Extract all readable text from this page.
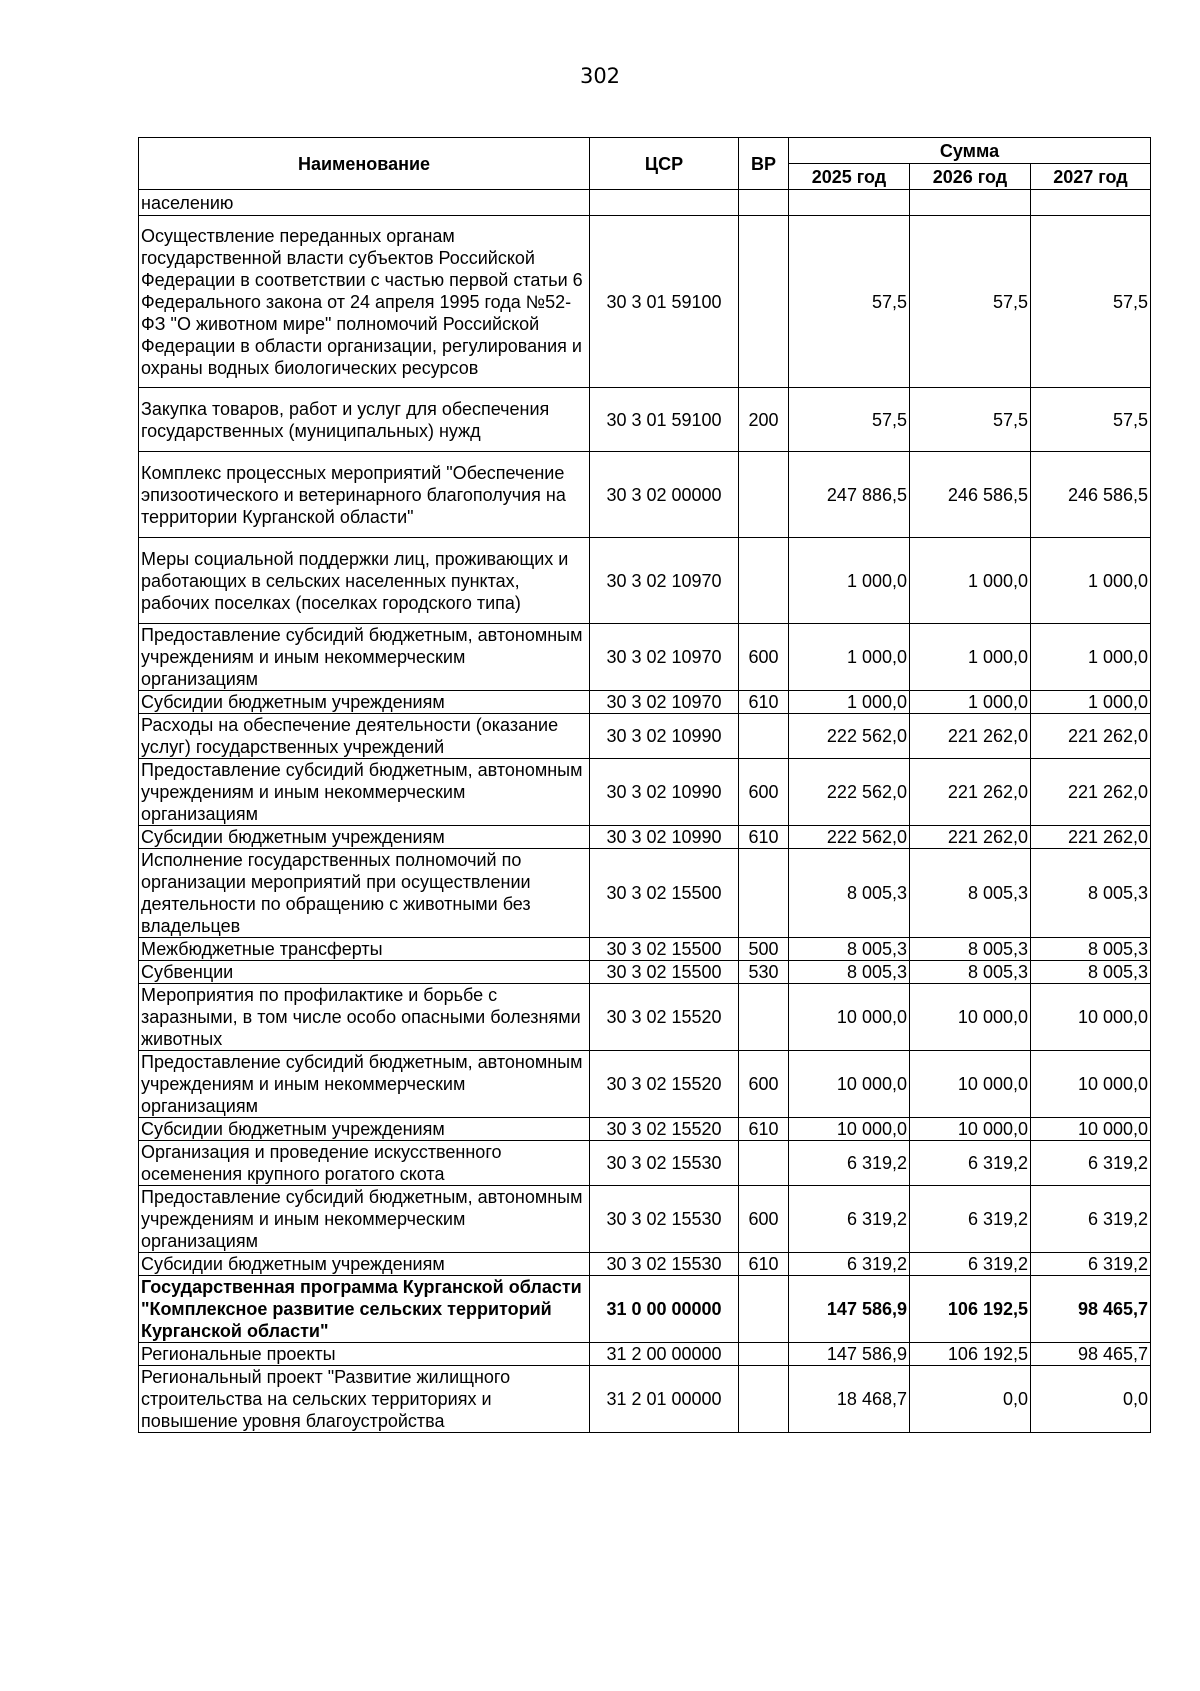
302
Наименование	ЦСР	ВР	Сумма		
			2025 год	2026 год	2027 год
населению					
Осуществление переданных органам государственной власти субъектов Российской Федерации в соответствии с частью первой статьи 6 Федерального закона от 24 апреля 1995 года №52-ФЗ "О животном мире" полномочий Российской Федерации в области организации, регулирования и охраны водных биологических ресурсов	30 3 01 59100		57,5	57,5	57,5
Закупка товаров, работ и услуг для обеспечения государственных (муниципальных) нужд	30 3 01 59100	200	57,5	57,5	57,5
Комплекс процессных мероприятий "Обеспечение эпизоотического и ветеринарного благополучия на территории Курганской области"	30 3 02 00000		247 886,5	246 586,5	246 586,5
Меры социальной поддержки лиц, проживающих и работающих в сельских населенных пунктах, рабочих поселках (поселках городского типа)	30 3 02 10970		1 000,0	1 000,0	1 000,0
Предоставление субсидий бюджетным, автономным учреждениям и иным некоммерческим организациям	30 3 02 10970	600	1 000,0	1 000,0	1 000,0
Субсидии бюджетным учреждениям	30 3 02 10970	610	1 000,0	1 000,0	1 000,0
Расходы на обеспечение деятельности (оказание услуг) государственных учреждений	30 3 02 10990		222 562,0	221 262,0	221 262,0
Предоставление субсидий бюджетным, автономным учреждениям и иным некоммерческим организациям	30 3 02 10990	600	222 562,0	221 262,0	221 262,0
Субсидии бюджетным учреждениям	30 3 02 10990	610	222 562,0	221 262,0	221 262,0
Исполнение государственных полномочий по организации мероприятий при осуществлении деятельности по обращению с животными без владельцев	30 3 02 15500		8 005,3	8 005,3	8 005,3
Межбюджетные трансферты	30 3 02 15500	500	8 005,3	8 005,3	8 005,3
Субвенции	30 3 02 15500	530	8 005,3	8 005,3	8 005,3
Мероприятия по профилактике и борьбе с заразными, в том числе особо опасными болезнями животных	30 3 02 15520		10 000,0	10 000,0	10 000,0
Предоставление субсидий бюджетным, автономным учреждениям и иным некоммерческим организациям	30 3 02 15520	600	10 000,0	10 000,0	10 000,0
Субсидии бюджетным учреждениям	30 3 02 15520	610	10 000,0	10 000,0	10 000,0
Организация и проведение искусственного осеменения крупного рогатого скота	30 3 02 15530		6 319,2	6 319,2	6 319,2
Предоставление субсидий бюджетным, автономным учреждениям и иным некоммерческим организациям	30 3 02 15530	600	6 319,2	6 319,2	6 319,2
Субсидии бюджетным учреждениям	30 3 02 15530	610	6 319,2	6 319,2	6 319,2
Государственная программа Курганской области "Комплексное развитие сельских территорий Курганской области"	31 0 00 00000		147 586,9	106 192,5	98 465,7
Региональные проекты	31 2 00 00000		147 586,9	106 192,5	98 465,7
Региональный проект "Развитие жилищного строительства на сельских территориях и повышение уровня благоустройства	31 2 01 00000		18 468,7	0,0	0,0
